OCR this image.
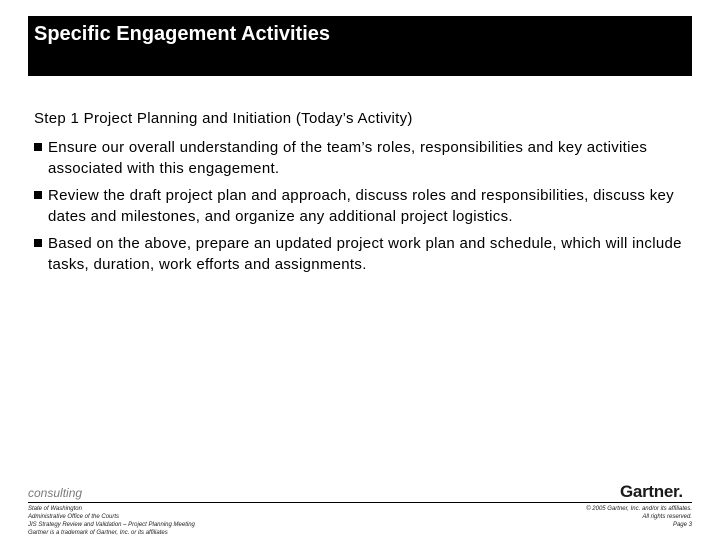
Specific Engagement Activities
Step 1 Project Planning and Initiation (Today’s Activity)
Ensure our overall understanding of the team’s roles, responsibilities and key activities associated with this engagement.
Review the draft project plan and approach, discuss roles and responsibilities, discuss key dates and milestones, and organize any additional project logistics.
Based on the above, prepare an updated project work plan and schedule, which will include tasks, duration, work efforts and assignments.
consulting	Gartner.
State of Washington
Administrative Office of the Courts
JIS Strategy Review and Validation – Project Planning Meeting
Gartner is a trademark of Gartner, Inc. or its affiliates
© 2005 Gartner, Inc. and/or its affiliates.
All rights reserved.
Page 3
